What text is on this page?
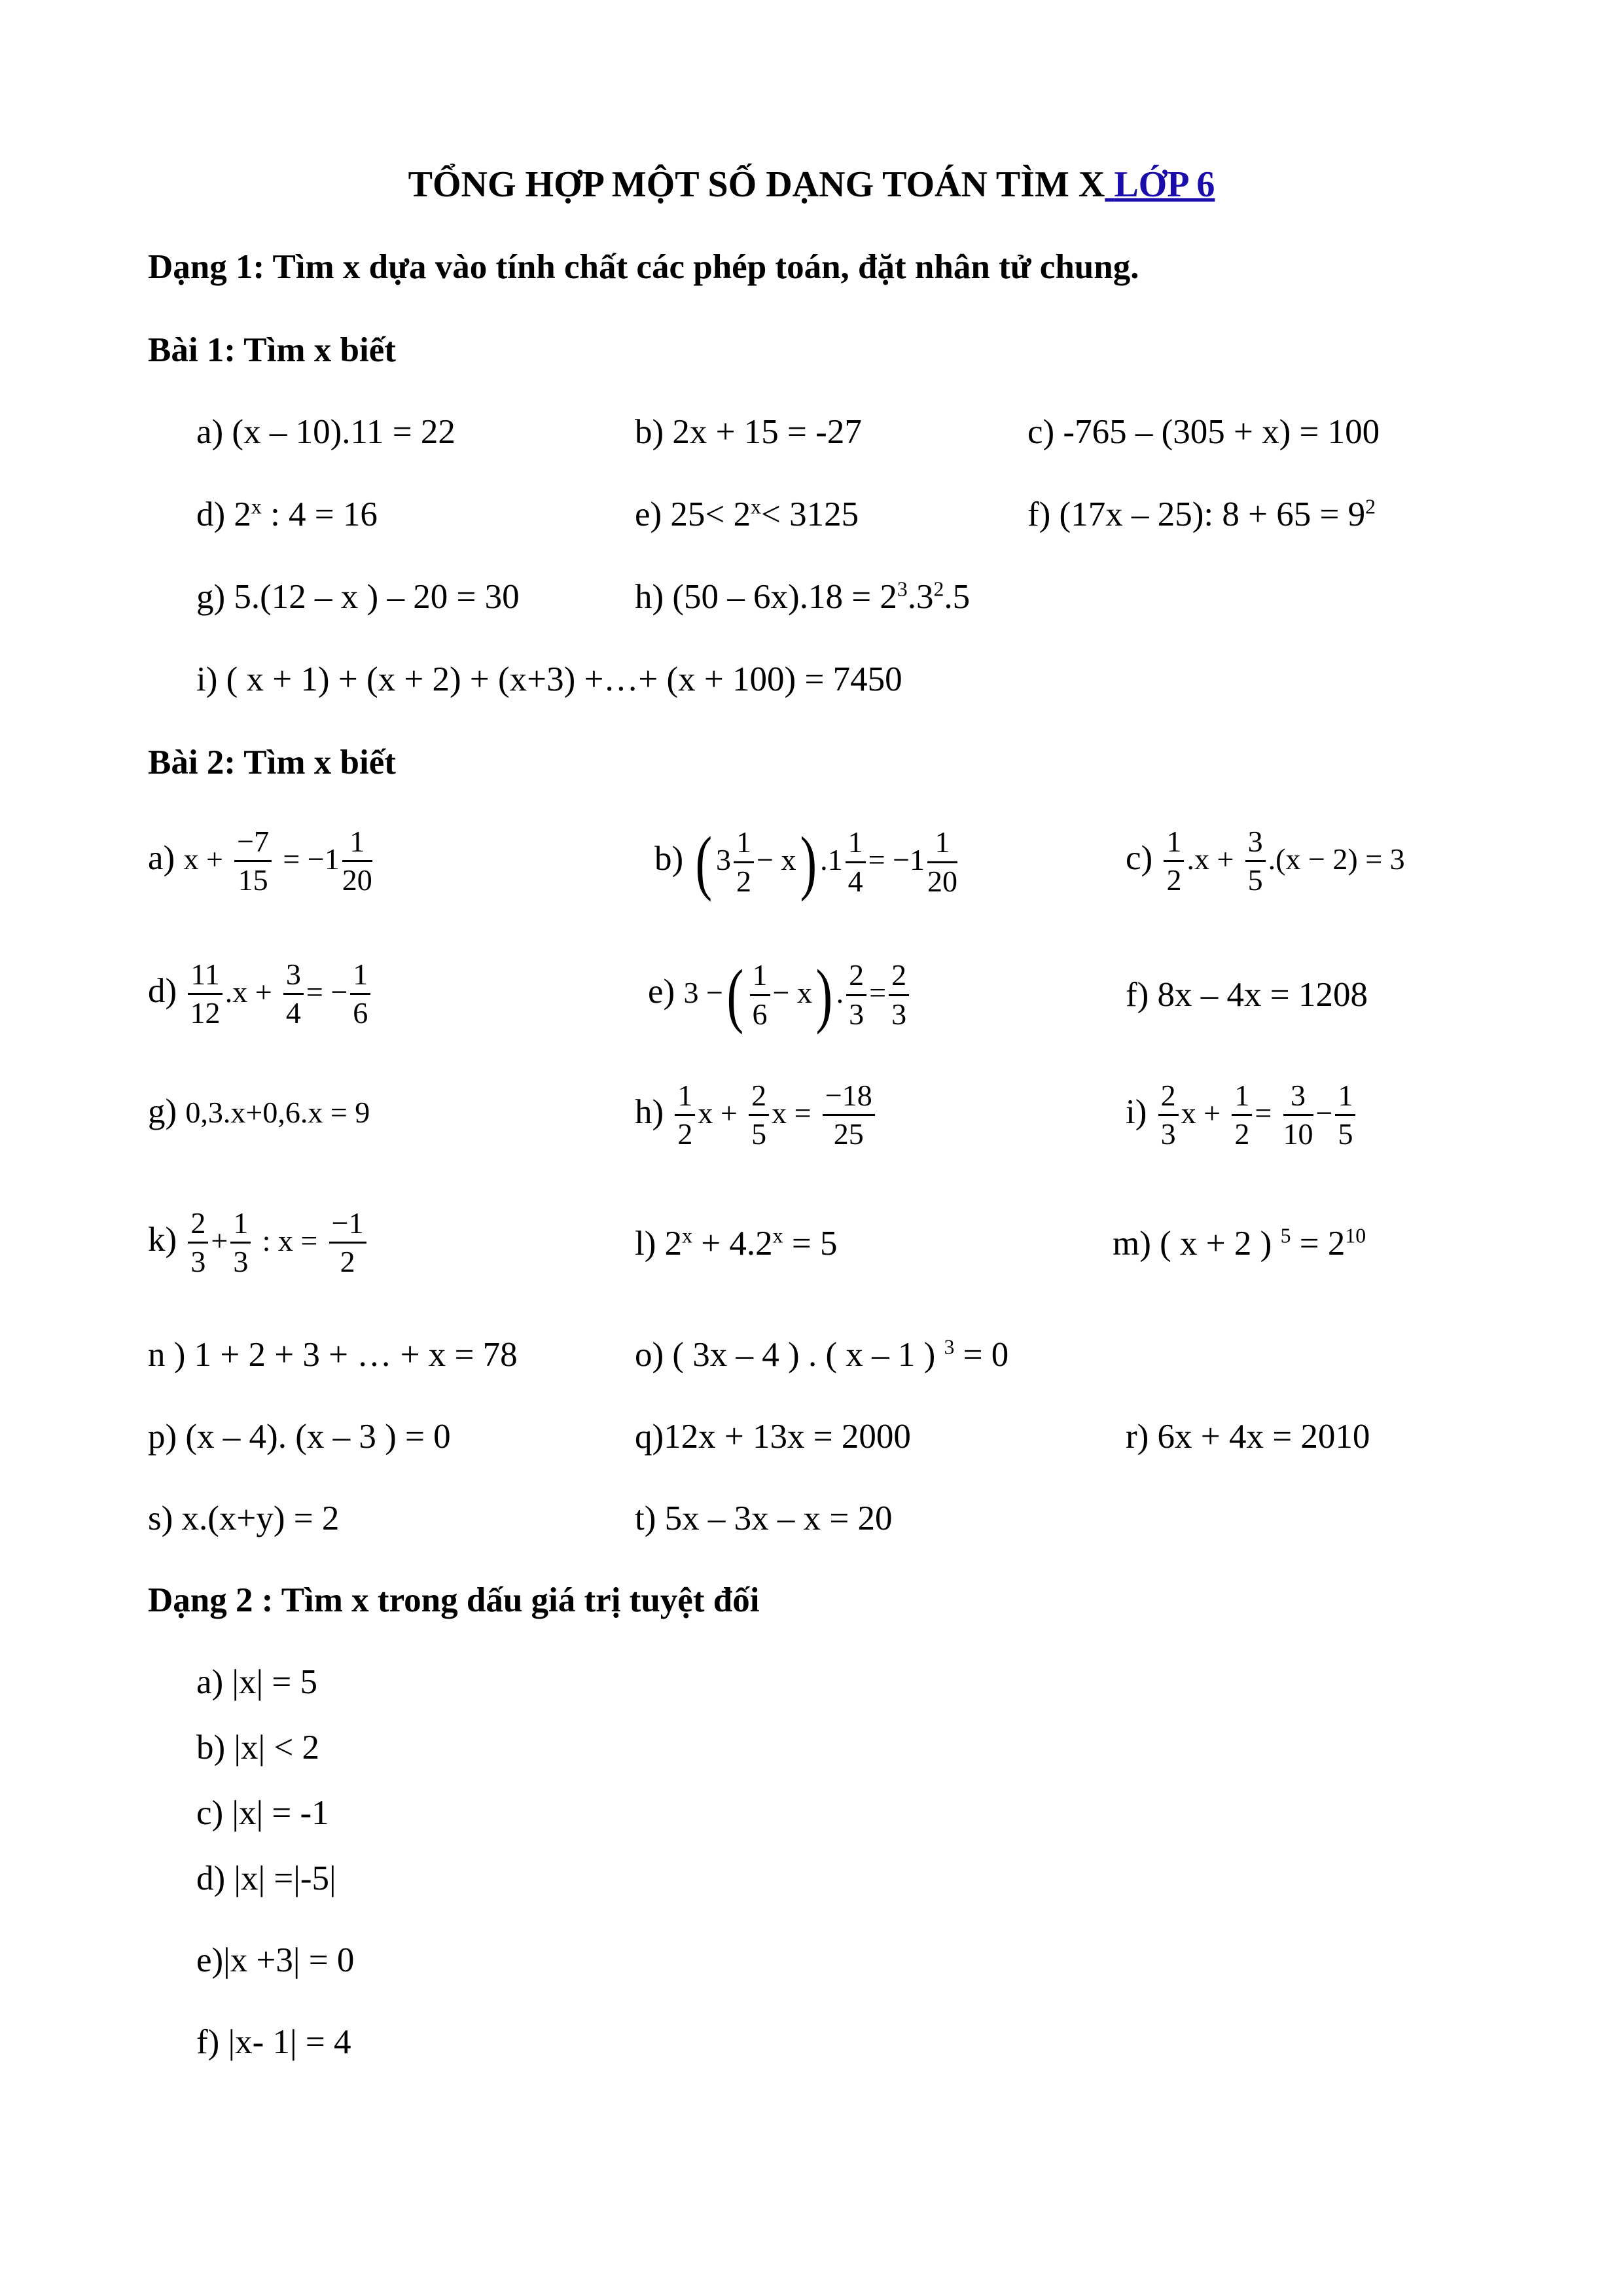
TỔNG HỢP MỘT SỐ DẠNG TOÁN TÌM X LỚP 6
Dạng 1: Tìm x dựa vào tính chất các phép toán, đặt nhân tử chung.
Bài 1: Tìm x biết
a) (x – 10).11 = 22	b) 2x + 15 = -27	c) -765 – (305 + x) = 100
d) 2$^x$ : 4 = 16	e) $25< 2^x< 3125$	f) (17x – 25): $8 + 65 = 9^2$
g) 5.(12 – x ) – 20 = 30	h) $(50 - 6x).18 = 2^3.3^2.5$
i) ( x + 1) + (x + 2) + (x+3) +…+ (x + 100) = 7450
Bài 2: Tìm x biết
a) $x + \frac{-7}{15} = -1 \frac{1}{20}$	b) ( $3 \frac{1}{2} - x$) $.1 \frac{1}{4} = -1 \frac{1}{20}$	$c) \frac{1}{2} .x + \frac{3}{5} .(x - 2) = 3$
$d) \frac{11}{12} .x + \frac{3}{4}$ = − $\frac{1}{6}$	e) 3 −( $\frac{1}{6} - x$) . $\frac{2}{3} = \frac{2}{3}$	f) 8x – 4x = 1208
g) 0,3.x+0,6.x = 9	$h) \frac{1}{2}$ $x + \frac{2}{5}$ $x = \frac{-18}{25}$	$i) \frac{2}{3}$ $x + \frac{1}{2} = \frac{3}{10} - \frac{1}{5}$
$k) \frac{2}{3} + \frac{1}{3}$ : $x = \frac{-1}{2}$	l) $2^x + 4.2^x = 5$	m) ( x + 2 ) $^5 = 2^{10}$
n ) 1 + 2 + 3 + … + x = 78	o) ( 3x – 4 ) . ( x – 1 ) $^3$ = 0
p) (x – 4). (x – 3 ) = 0	q)12x + 13x = 2000	r) 6x + 4x = 2010
s) x.(x+y) = 2	t) 5x – 3x – x = 20
Dạng 2 : Tìm x trong dấu giá trị tuyệt đối
a) |x| = 5
b) |x| < 2
c) |x| = -1
d) |x| =|-5|
e)|x +3| = 0
f) |x- 1| = 4
